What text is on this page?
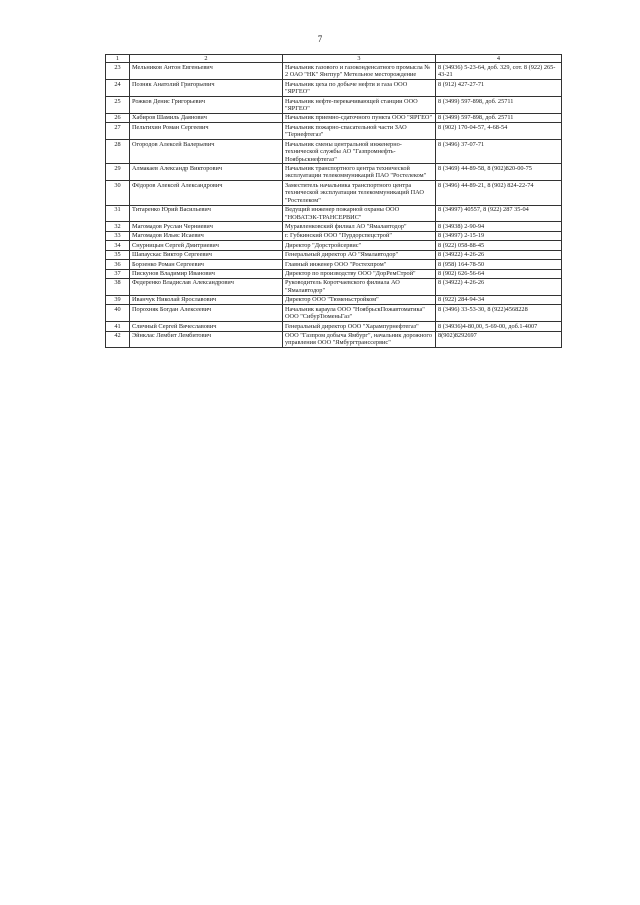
7
1	2	3	4
23	Мельников Антон Евгеньевич	Начальник газового и газоконденсатного промысла № 2 ОАО "НК" Янгпур" Метельное месторождение	8 (34936) 5-23-64, доб. 329, сот. 8 (922) 265-43-21
24	Позняк Анатолий Григорьевич	Начальник цеха по добыче нефти и газа ООО "ЯРГЕО"	8 (912) 427-27-71
25	Рожков Денис Григорьевич	Начальник нефте-перекачивающей станции ООО "ЯРГЕО"	8 (3499) 597-898, доб. 25711
26	Хабиров Шамиль Даянович	Начальник приемно-сдаточного пункта ООО "ЯРГЕО"	8 (3499) 597-898, доб. 25711
27	Пельтихин Роман Сергеевич	Начальник пожарно-спасательной части ЗАО "Тернефтегаз"	8 (902) 170-04-57, 4-68-54
28	Огородов Алексей Валерьевич	Начальник смены центральной инженерно-технической службы АО "Газпромнефть-Ноябрьскнефтегаз"	8 (3496) 37-07-71
29	Алмакаев Александр Викторович	Начальник транспортного центра технической эксплуатации телекоммуникаций ПАО "Ростелеком"	8 (3469) 44-89-58, 8 (902)820-00-75
30	Фёдоров Алексей Александрович	Заместитель начальника транспортного центра технической эксплуатации телекоммуникаций ПАО "Ростелеком"	8 (3496) 44-89-21, 8 (902) 824-22-74
31	Титаренко Юрий Васильевич	Ведущий инженер пожарной охраны ООО "НОВАТЭК-ТРАНСЕРВИС"	8 (34997) 40557, 8 (922) 287 35-04
32	Магомадов Руслан Черниевич	Муравленковский филиал АО "Ямалавтодор"	8 (34938) 2-90-94
33	Магомадов Ильяс Исаевич	г. Губкинский ООО "Пурдорспецстрой"	8 (34997) 2-15-19
34	Снурницын Сергей Дмитриевич	Директор "Дорстройсервис"	8 (922) 058-88-45
35	Шапаускас Виктор Сергеевич	Генеральный директор АО "Ямалавтодор"	8 (34922) 4-26-26
36	Борзенко Роман Сергеевич	Главный инженер ООО "Ростехпром"	8 (958) 164-78-50
37	Пискунов Владимир Иванович	Директор по производству ООО "ДорРемСтрой"	8 (902) 626-56-64
38	Федеренко Владислав Александрович	Руководитель Коротчаевского филиала АО "Ямалавтодор"	8 (34922) 4-26-26
39	Иванчук Николай Ярославович	Директор ООО "Тюменьстройком"	8 (922) 284-94-34
40	Порохняк Богдан Алексеевич	Начальник караула ООО "НоябрьскПожавтоматика" ООО "СибурТюменьГаз"	8 (3496) 33-53-30, 8 (922)4568228
41	Сличный Сергей Вячеславович	Генеральный директор ООО "Харампурнефтегаз"	8 (34936)4-80,00, 5-69-00, доб.1-4007
42	Эйнклас Лембит Лембитович	ООО "Газпром добыча Ямбург", начальник дорожного управления ООО "Ямбургтранссервис"	8(902)8292697
